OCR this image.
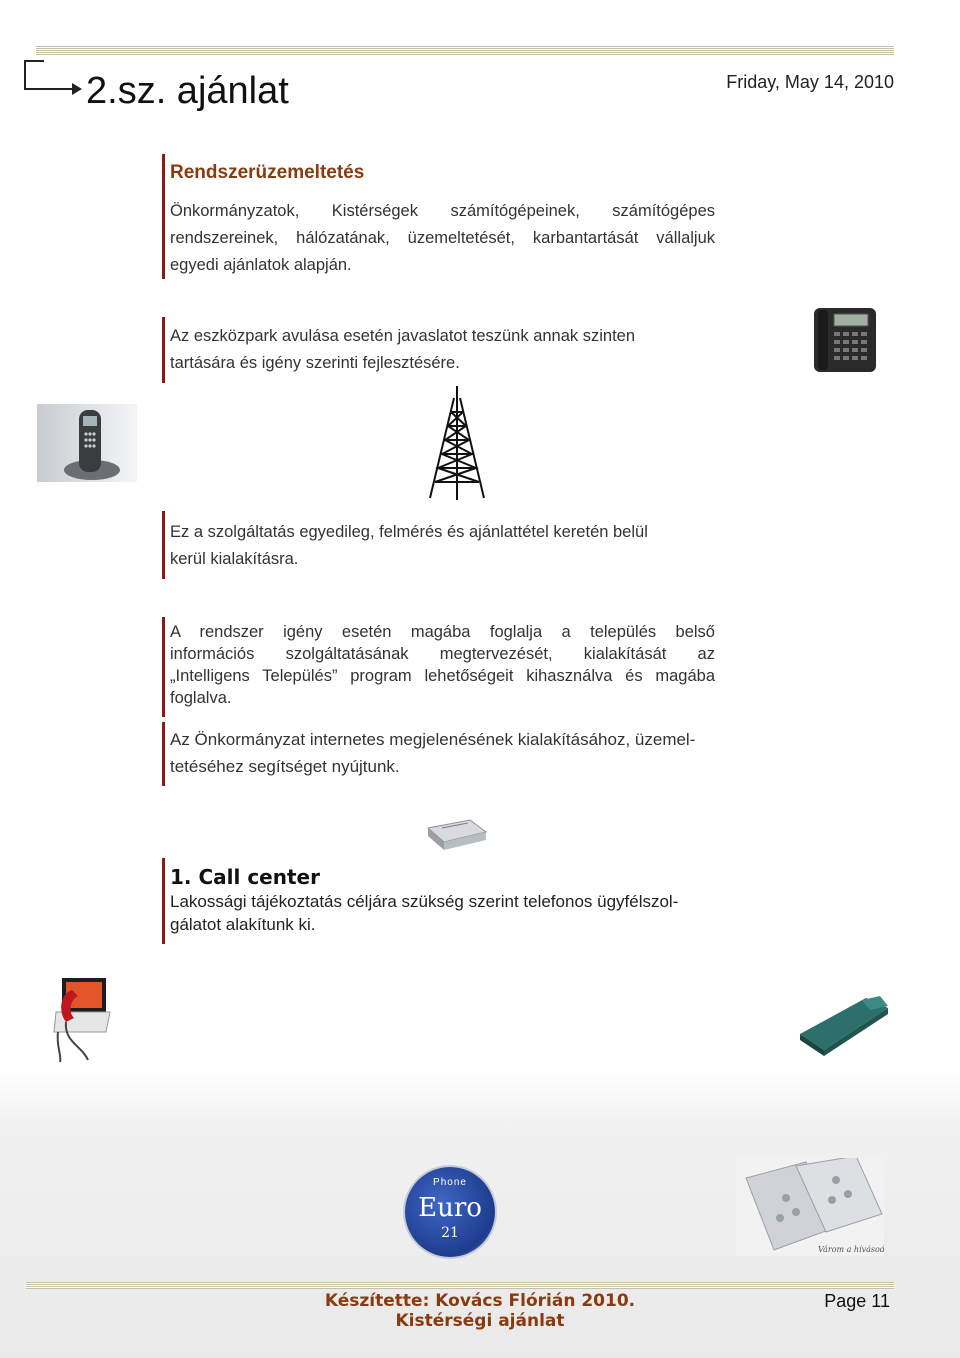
2.sz. ajánlat	Friday, May 14, 2010
Rendszerüzemeltetés

Önkormányzatok, Kistérségek számítógépeinek, számítógépes

rendszereinek, hálózatának, üzemeltetését, karbantartását vállaljuk

egyedi ajánlatok alapján.

Az eszközpark avulása esetén javaslatot teszünk annak szinten

tartására és igény szerinti fejlesztésére.

Ez a szolgáltatás egyedileg, felmérés és ajánlattétel keretén belül

kerül kialakításra.

A rendszer igény esetén magába foglalja a település belső

információs szolgáltatásának megtervezését, kialakítását az

„Intelligens Település” program lehetőségeit kihasználva és magába

foglalva.

Az Önkormányzat internetes megjelenésének kialakításához, üzemel-

tetéséhez segítséget nyújtunk.

1. Call center

Lakossági tájékoztatás céljára szükség szerint telefonos ügyfélszol-

gálatot alakítunk ki.

Phone
Euro
21
Várom a hívásod!
Készítette: Kovács Flórián 2010.
Kistérségi ajánlat
Page 11
